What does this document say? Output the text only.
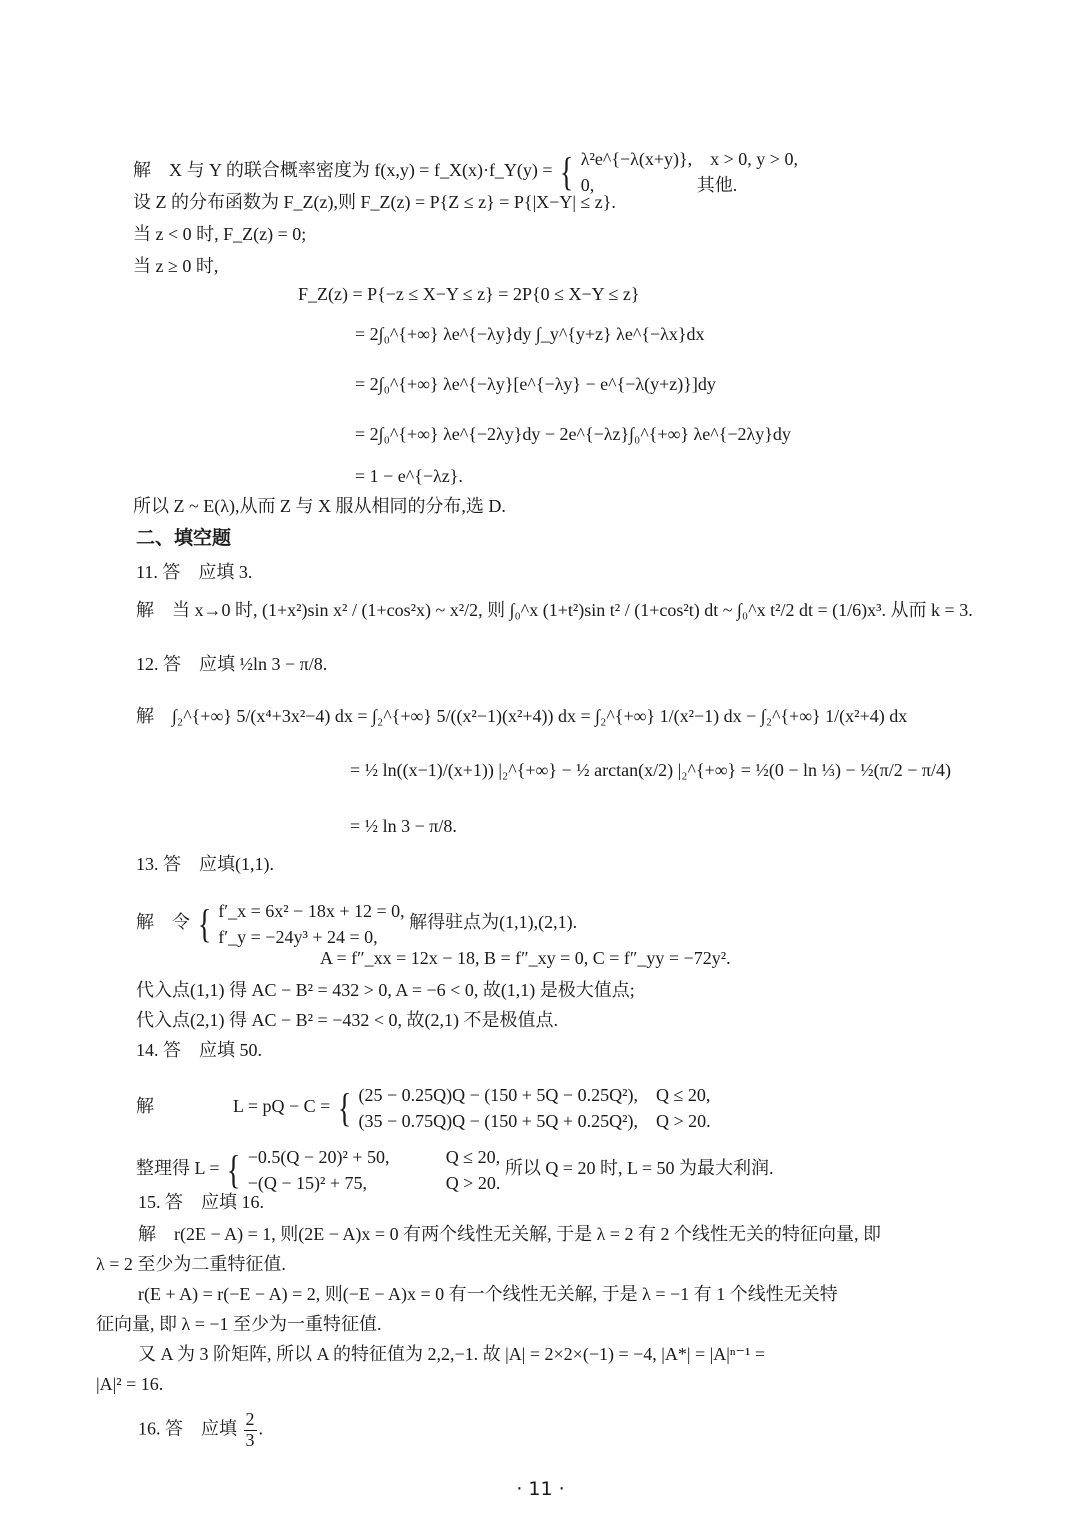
解 X 与 Y 的联合概率密度为 f(x,y) = f_X(x)·f_Y(y) = { λ²e^{−λ(x+y)}, x > 0, y > 0,
0,	其他.
设 Z 的分布函数为 F_Z(z),则 F_Z(z) = P{Z ≤ z} = P{|X−Y| ≤ z}.
当 z < 0 时, F_Z(z) = 0;
当 z ≥ 0 时,
F_Z(z) = P{−z ≤ X−Y ≤ z} = 2P{0 ≤ X−Y ≤ z}
= 2∫₀^{+∞} λe^{−λy}dy ∫_y^{y+z} λe^{−λx}dx
= 2∫₀^{+∞} λe^{−λy}[e^{−λy} − e^{−λ(y+z)}]dy
= 2∫₀^{+∞} λe^{−2λy}dy − 2e^{−λz}∫₀^{+∞} λe^{−2λy}dy
= 1 − e^{−λz}.
所以 Z ~ E(λ),从而 Z 与 X 服从相同的分布,选 D.
二、填空题
11. 答　应填 3.
解　当 x→0 时, (1+x²)sin x² / (1+cos²x) ~ x²/2, 则 ∫₀^x (1+t²)sin t² / (1+cos²t) dt ~ ∫₀^x t²/2 dt = (1/6)x³. 从而 k = 3.
12. 答　应填 ½ln 3 − π/8.
解　∫₂^{+∞} 5/(x⁴+3x²−4) dx = ∫₂^{+∞} 5/((x²−1)(x²+4)) dx = ∫₂^{+∞} 1/(x²−1) dx − ∫₂^{+∞} 1/(x²+4) dx
= ½ ln((x−1)/(x+1)) |₂^{+∞} − ½ arctan(x/2) |₂^{+∞} = ½(0 − ln ⅓) − ½(π/2 − π/4)
= ½ ln 3 − π/8.
13. 答　应填(1,1).
解    令 { f′_x = 6x² − 18x + 12 = 0,
f′_y = −24y³ + 24 = 0,
解得驻点为(1,1),(2,1).
A = f″_xx = 12x − 18, B = f″_xy = 0, C = f″_yy = −72y².
代入点(1,1) 得 AC − B² = 432 > 0, A = −6 < 0, 故(1,1) 是极大值点;
代入点(2,1) 得 AC − B² = −432 < 0, 故(2,1) 不是极值点.
14. 答　应填 50.
解	L = pQ − C = { (25 − 0.25Q)Q − (150 + 5Q − 0.25Q²), Q ≤ 20,
(35 − 0.75Q)Q − (150 + 5Q + 0.25Q²), Q > 20.
整理得 L = { −0.5(Q − 20)² + 50,	Q ≤ 20,
−(Q − 15)² + 75,	Q > 20.
所以 Q = 20 时, L = 50 为最大利润.
15. 答　应填 16.
解　r(2E − A) = 1, 则(2E − A)x = 0 有两个线性无关解, 于是 λ = 2 有 2 个线性无关的特征向量, 即
λ = 2 至少为二重特征值.
r(E + A) = r(−E − A) = 2, 则(−E − A)x = 0 有一个线性无关解, 于是 λ = −1 有 1 个线性无关特
征向量, 即 λ = −1 至少为一重特征值.
又 A 为 3 阶矩阵, 所以 A 的特征值为 2,2,−1. 故 |A| = 2×2×(−1) = −4, |A*| = |A|ⁿ⁻¹ =
|A|² = 16.
16. 答　应填 $\frac{2}{3}$ .
· 11 ·
